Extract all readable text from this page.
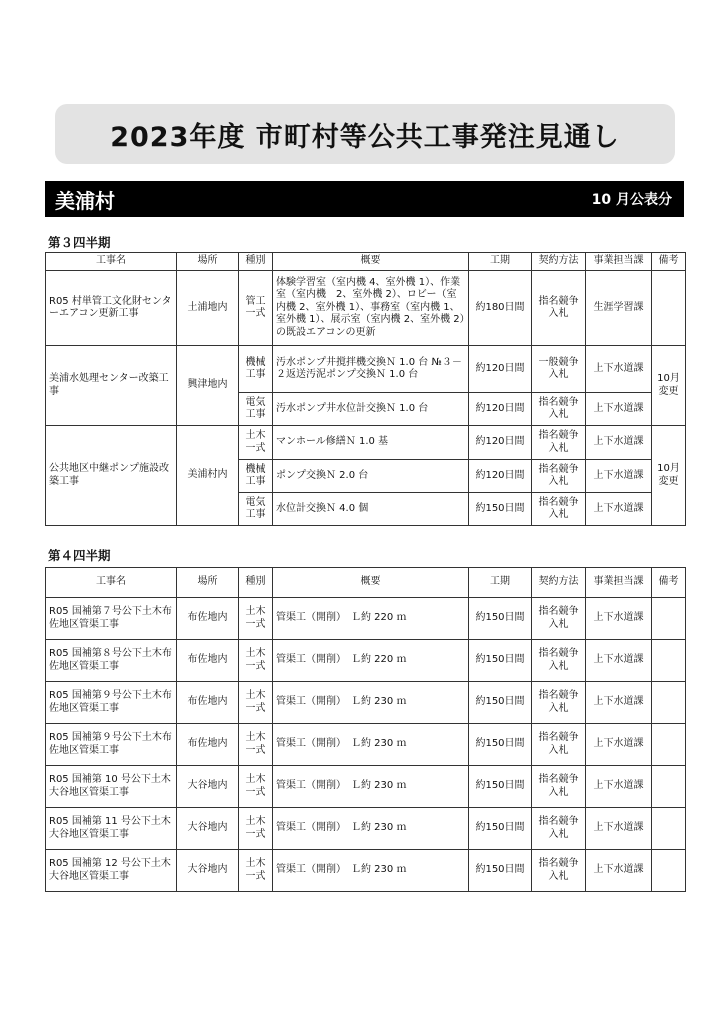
2023年度 市町村等公共工事発注見通し
美浦村	10 月公表分
第３四半期
工事名	場所	種別	概要	工期	契約方法	事業担当課	備考
R05 村単管工文化財センターエアコン更新工事	土浦地内	管工一式	体験学習室（室内機 4、室外機 1）、作業室（室内機　2、室外機 2）、ロビー（室内機 2、室外機 1）、事務室（室内機 1、室外機 1）、展示室（室内機 2、室外機 2）の既設エアコンの更新	約180日間	指名競争入札	生涯学習課	
美浦水処理センター改築工事	興津地内	機械工事	汚水ポンプ井撹拌機交換Ｎ 1.0 台 №３－２返送汚泥ポンプ交換Ｎ 1.0 台	約120日間	一般競争入札	上下水道課	10月変更
		電気工事	汚水ポンプ井水位計交換Ｎ 1.0 台	約120日間	指名競争入札	上下水道課	
公共地区中継ポンプ施設改築工事	美浦村内	土木一式	マンホール修繕Ｎ 1.0 基	約120日間	指名競争入札	上下水道課	10月変更
		機械工事	ポンプ交換Ｎ 2.0 台	約120日間	指名競争入札	上下水道課	
		電気工事	水位計交換Ｎ 4.0 個	約150日間	指名競争入札	上下水道課	
第４四半期
工事名	場所	種別	概要	工期	契約方法	事業担当課	備考
R05 国補第７号公下土木布佐地区管渠工事	布佐地内	土木一式	管渠工（開削）　Ｌ約 220 ｍ	約150日間	指名競争入札	上下水道課	
R05 国補第８号公下土木布佐地区管渠工事	布佐地内	土木一式	管渠工（開削）　Ｌ約 220 ｍ	約150日間	指名競争入札	上下水道課	
R05 国補第９号公下土木布佐地区管渠工事	布佐地内	土木一式	管渠工（開削）　Ｌ約 230 ｍ	約150日間	指名競争入札	上下水道課	
R05 国補第９号公下土木布佐地区管渠工事	布佐地内	土木一式	管渠工（開削）　Ｌ約 230 ｍ	約150日間	指名競争入札	上下水道課	
R05 国補第 10 号公下土木大谷地区管渠工事	大谷地内	土木一式	管渠工（開削）　Ｌ約 230 ｍ	約150日間	指名競争入札	上下水道課	
R05 国補第 11 号公下土木大谷地区管渠工事	大谷地内	土木一式	管渠工（開削）　Ｌ約 230 ｍ	約150日間	指名競争入札	上下水道課	
R05 国補第 12 号公下土木大谷地区管渠工事	大谷地内	土木一式	管渠工（開削）　Ｌ約 230 ｍ	約150日間	指名競争入札	上下水道課	
